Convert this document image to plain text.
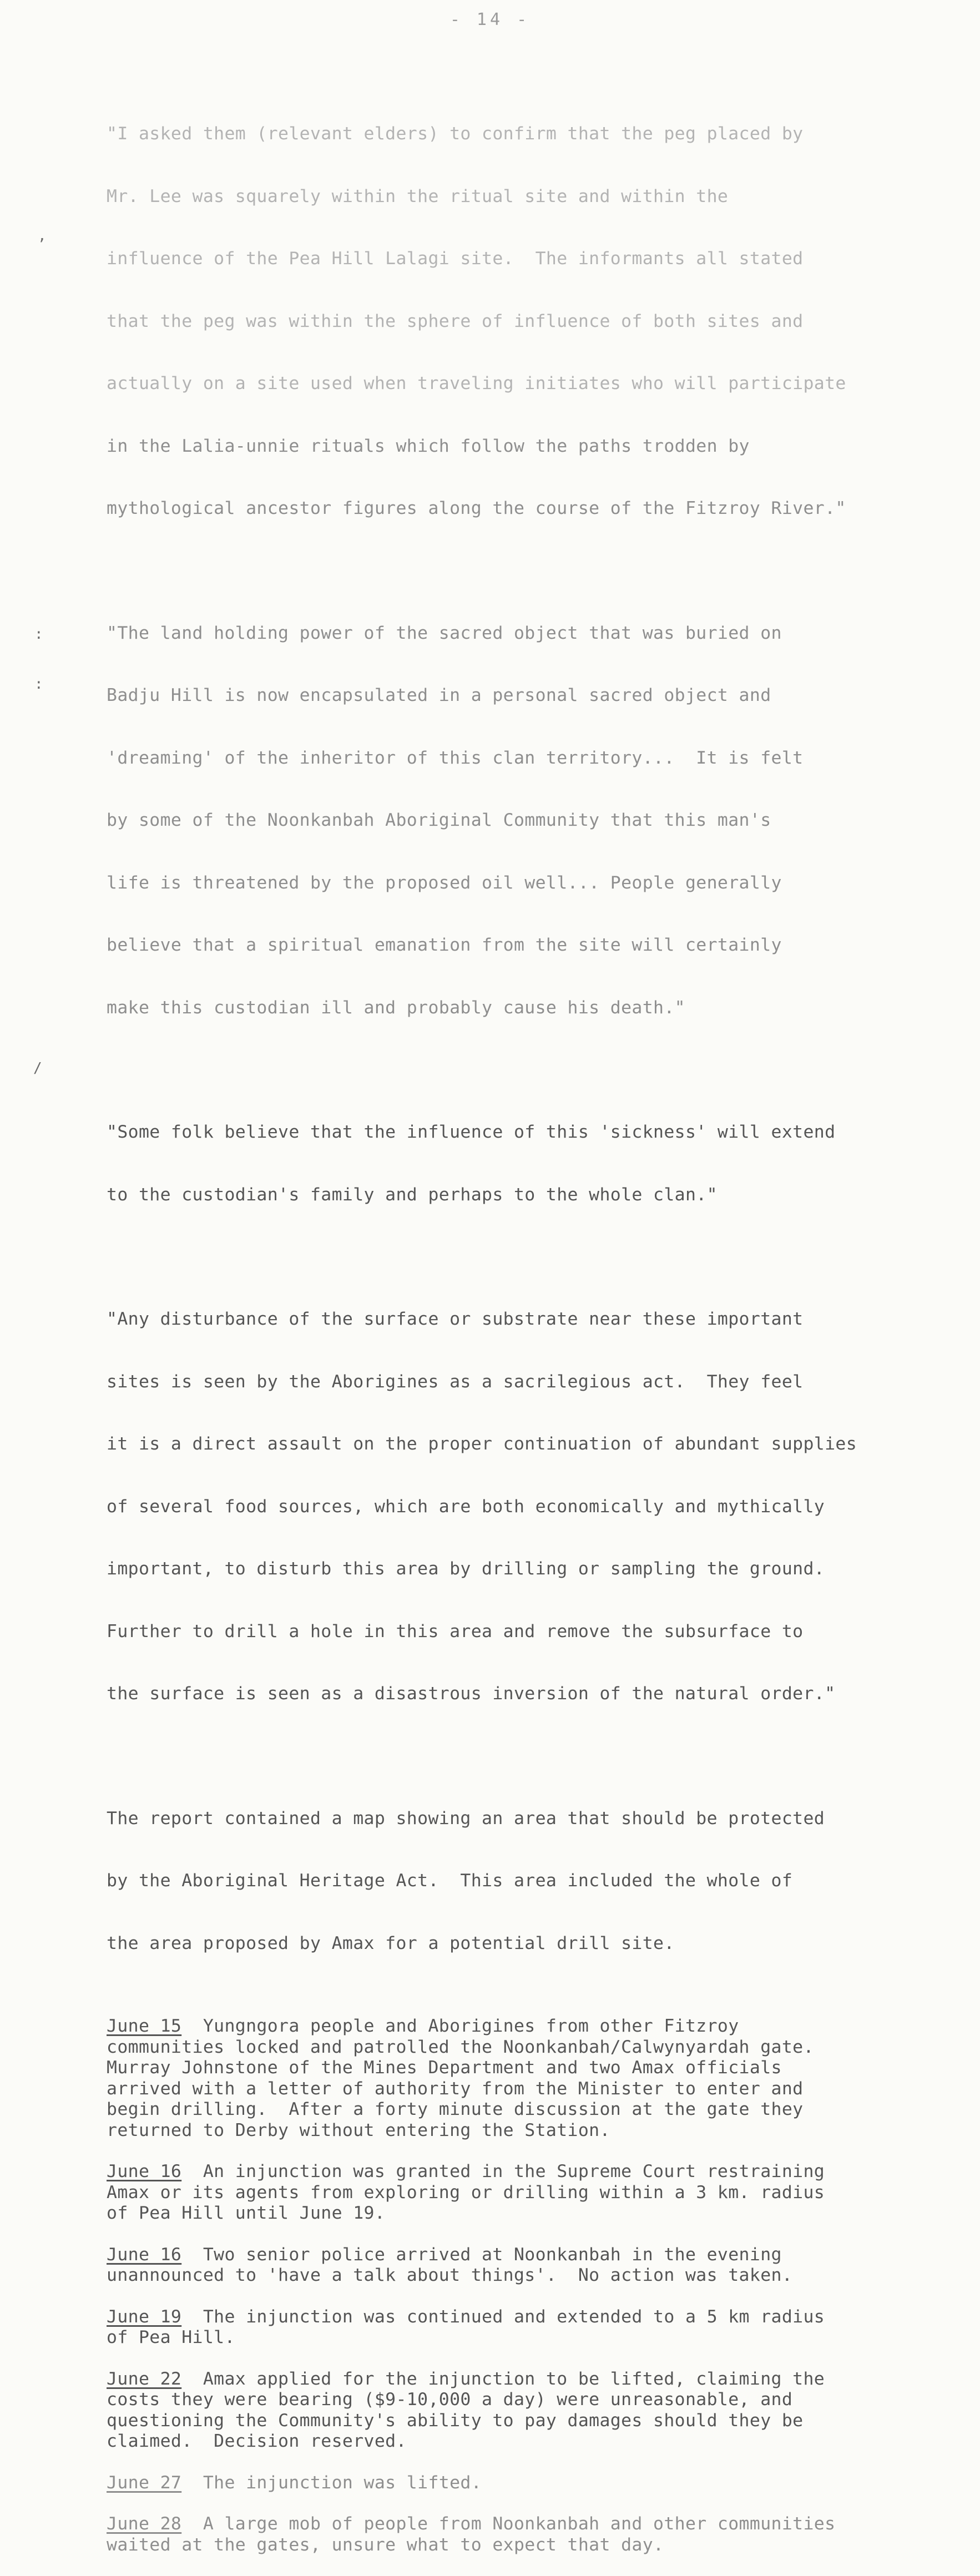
- 14 -
,
:
:
/

"I asked them (relevant elders) to confirm that the peg placed by

Mr. Lee was squarely within the ritual site and within the

influence of the Pea Hill Lalagi site.  The informants all stated

that the peg was within the sphere of influence of both sites and

actually on a site used when traveling initiates who will participate

in the Lalia-unnie rituals which follow the paths trodden by

mythological ancestor figures along the course of the Fitzroy River."

"The land holding power of the sacred object that was buried on

Badju Hill is now encapsulated in a personal sacred object and

'dreaming' of the inheritor of this clan territory...  It is felt

by some of the Noonkanbah Aboriginal Community that this man's

life is threatened by the proposed oil well... People generally

believe that a spiritual emanation from the site will certainly

make this custodian ill and probably cause his death."

"Some folk believe that the influence of this 'sickness' will extend

to the custodian's family and perhaps to the whole clan."

"Any disturbance of the surface or substrate near these important

sites is seen by the Aborigines as a sacrilegious act.  They feel

it is a direct assault on the proper continuation of abundant supplies

of several food sources, which are both economically and mythically

important, to disturb this area by drilling or sampling the ground.

Further to drill a hole in this area and remove the subsurface to

the surface is seen as a disastrous inversion of the natural order."

The report contained a map showing an area that should be protected

by the Aboriginal Heritage Act.  This area included the whole of

the area proposed by Amax for a potential drill site.

June 15  Yungngora people and Aborigines from other Fitzroy
communities locked and patrolled the Noonkanbah/Calwynyardah gate.
Murray Johnstone of the Mines Department and two Amax officials
arrived with a letter of authority from the Minister to enter and
begin drilling.  After a forty minute discussion at the gate they
returned to Derby without entering the Station.
June 16  An injunction was granted in the Supreme Court restraining
Amax or its agents from exploring or drilling within a 3 km. radius
of Pea Hill until June 19.
June 16  Two senior police arrived at Noonkanbah in the evening
unannounced to 'have a talk about things'.  No action was taken.
June 19  The injunction was continued and extended to a 5 km radius
of Pea Hill.
June 22  Amax applied for the injunction to be lifted, claiming the
costs they were bearing ($9-10,000 a day) were unreasonable, and
questioning the Community's ability to pay damages should they be
claimed.  Decision reserved.
June 27  The injunction was lifted.
June 28  A large mob of people from Noonkanbah and other communities
waited at the gates, unsure what to expect that day.
